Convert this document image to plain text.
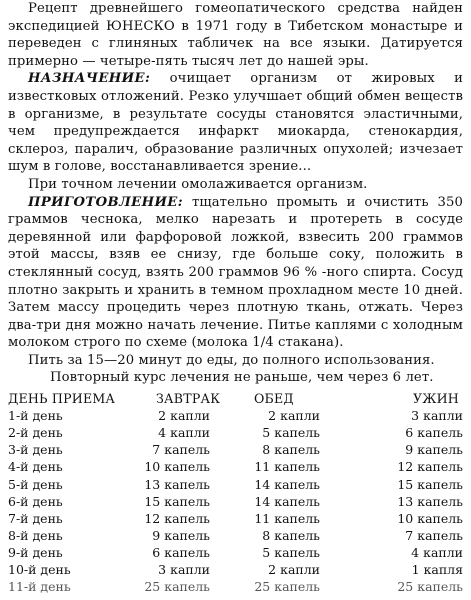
Рецепт древнейшего гомеопатического средства найден экспедицией ЮНЕСКО в 1971 году в Тибетском монастыре и переведен с глиняных табличек на все языки. Датируется примерно — четыре-пять тысяч лет до нашей эры.

НАЗНАЧЕНИЕ: очищает организм от жировых и известковых отложений. Резко улучшает общий обмен веществ в организме, в результате сосуды становятся эластичными, чем предупреждается инфаркт миокарда, стенокардия, склероз, паралич, образование различных опухолей; изчезает шум в голове, восстанавливается зрение...

При точном лечении омолаживается организм.

ПРИГОТОВЛЕНИЕ: тщательно промыть и очистить 350 граммов чеснока, мелко нарезать и протереть в сосуде деревянной или фарфоровой ложкой, взвесить 200 граммов этой массы, взяв ее снизу, где больше соку, положить в стеклянный сосуд, взять 200 граммов 96 % -ного спирта. Сосуд плотно закрыть и хранить в темном прохладном месте 10 дней. Затем массу процедить через плотную ткань, отжать. Через два-три дня можно начать лечение. Питье каплями с холодным молоком строго по схеме (молока 1/4 стакана).

Пить за 15—20 минут до еды, до полного использования.

Повторный курс лечения не раньше, чем через 6 лет.

ДЕНЬ ПРИЕМА	ЗАВТРАК	ОБЕД	УЖИН
1-й день	2 капли	2 капли	3 капли
2-й день	4 капли	5 капель	6 капель
3-й день	7 капель	8 капель	9 капель
4-й день	10 капель	11 капель	12 капель
5-й день	13 капель	14 капель	15 капель
6-й день	15 капель	14 капель	13 капель
7-й день	12 капель	11 капель	10 капель
8-й день	9 капель	8 капель	7 капель
9-й день	6 капель	5 капель	4 капли
10-й день	3 капли	2 капли	1 капля
11-й день	25 капель	25 капель	25 капель
